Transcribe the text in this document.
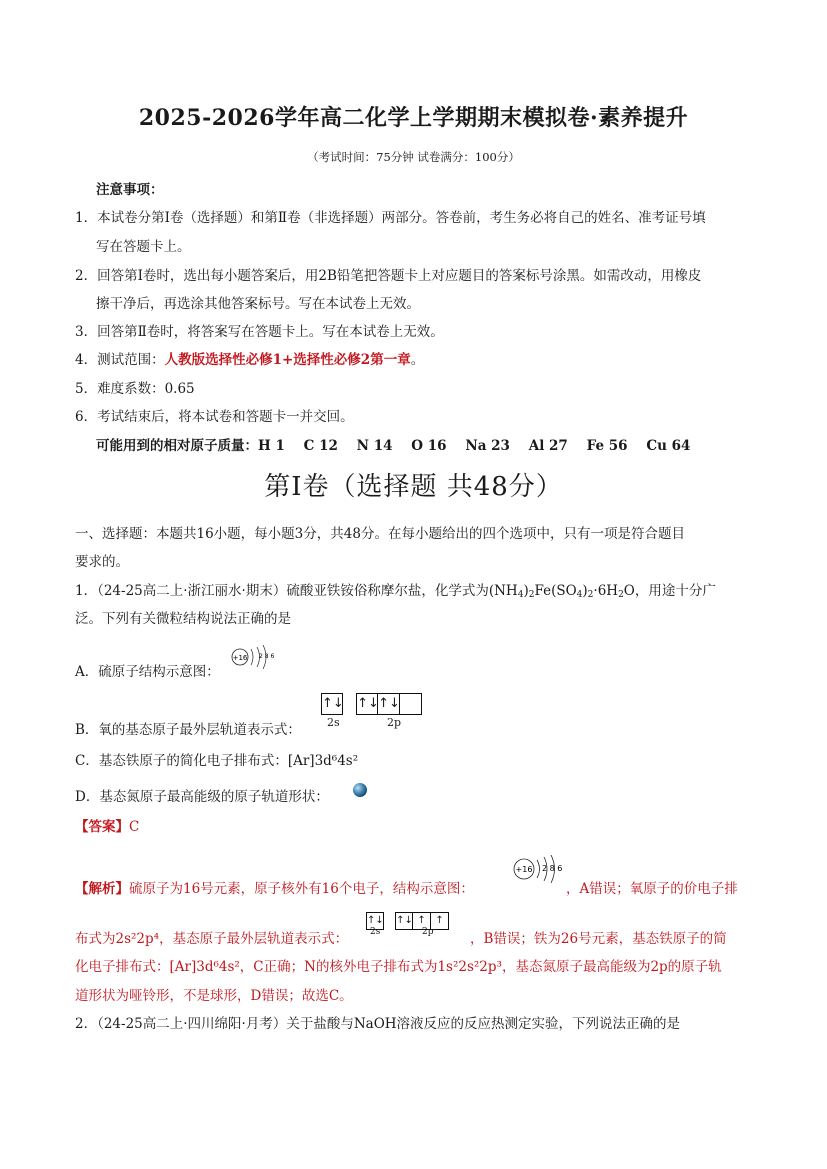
2025-2026学年高二化学上学期期末模拟卷·素养提升
（考试时间：75分钟 试卷满分：100分）
注意事项：
1．本试卷分第Ⅰ卷（选择题）和第Ⅱ卷（非选择题）两部分。答卷前，考生务必将自己的姓名、准考证号填
写在答题卡上。
2．回答第Ⅰ卷时，选出每小题答案后，用2B铅笔把答题卡上对应题目的答案标号涂黑。如需改动，用橡皮
擦干净后，再选涂其他答案标号。写在本试卷上无效。
3．回答第Ⅱ卷时，将答案写在答题卡上。写在本试卷上无效。
4．测试范围：人教版选择性必修1+选择性必修2第一章。
5．难度系数：0.65
6．考试结束后，将本试卷和答题卡一并交回。
可能用到的相对原子质量：H 1    C 12    N 14    O 16    Na 23    Al 27    Fe 56    Cu 64
第Ⅰ卷（选择题 共48分）
一、选择题：本题共16小题，每小题3分，共48分。在每小题给出的四个选项中，只有一项是符合题目
要求的。
1．（24-25高二上·浙江丽水·期末）硫酸亚铁铵俗称摩尔盐，化学式为$(NH_4)_2Fe(SO_4)_2\cdot 6H_2O$，用途十分广
泛。下列有关微粒结构说法正确的是
A．硫原子结构示意图：
+16 2 8 6
B．氧的基态原子最外层轨道表示式：
↑↓
↑↓ ↑↓
2s	2p
C．基态铁原子的简化电子排布式：[Ar]3d⁶4s²
D．基态氮原子最高能级的原子轨道形状：
【答案】C
【解析】硫原子为16号元素，原子核外有16个电子，结构示意图：
+16 2 8 6
，A错误；氧原子的价电子排
布式为2s²2p⁴，基态原子最外层轨道表示式：
↑↓
↑↓ ↑ ↑
2s	2p	，B错误；铁为26号元素，基态铁原子的简
化电子排布式：[Ar]3d⁶4s²，C正确；N的核外电子排布式为1s²2s²2p³，基态氮原子最高能级为2p的原子轨
道形状为哑铃形，不是球形，D错误；故选C。
2．（24-25高二上·四川绵阳·月考）关于盐酸与NaOH溶液反应的反应热测定实验，下列说法正确的是
